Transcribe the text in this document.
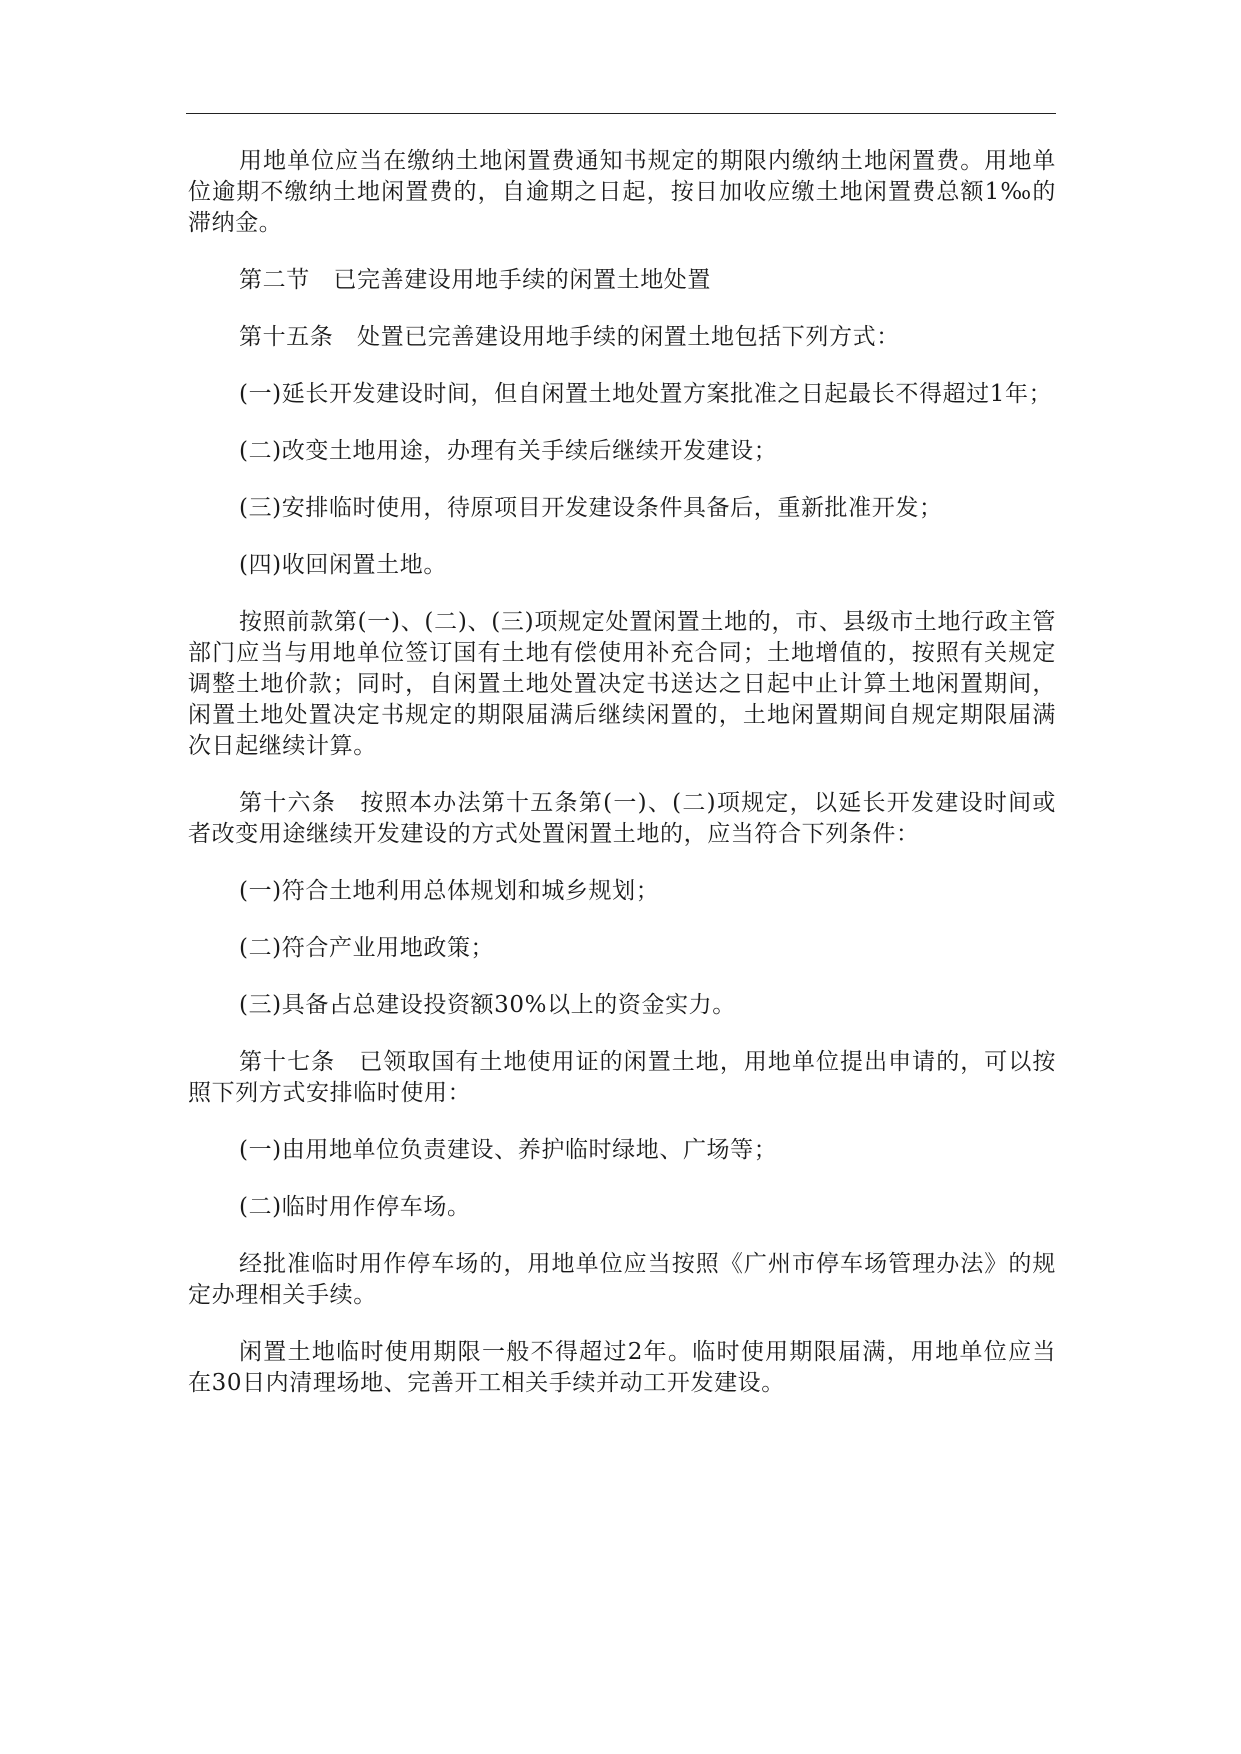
用地单位应当在缴纳土地闲置费通知书规定的期限内缴纳土地闲置费。用地单位逾期不缴纳土地闲置费的，自逾期之日起，按日加收应缴土地闲置费总额1‰的滞纳金。

第二节　已完善建设用地手续的闲置土地处置

第十五条　处置已完善建设用地手续的闲置土地包括下列方式：

(一)延长开发建设时间，但自闲置土地处置方案批准之日起最长不得超过1年；

(二)改变土地用途，办理有关手续后继续开发建设；

(三)安排临时使用，待原项目开发建设条件具备后，重新批准开发；

(四)收回闲置土地。

按照前款第(一)、(二)、(三)项规定处置闲置土地的，市、县级市土地行政主管部门应当与用地单位签订国有土地有偿使用补充合同；土地增值的，按照有关规定调整土地价款；同时，自闲置土地处置决定书送达之日起中止计算土地闲置期间，闲置土地处置决定书规定的期限届满后继续闲置的，土地闲置期间自规定期限届满次日起继续计算。

第十六条　按照本办法第十五条第(一)、(二)项规定，以延长开发建设时间或者改变用途继续开发建设的方式处置闲置土地的，应当符合下列条件：

(一)符合土地利用总体规划和城乡规划；

(二)符合产业用地政策；

(三)具备占总建设投资额30%以上的资金实力。

第十七条　已领取国有土地使用证的闲置土地，用地单位提出申请的，可以按照下列方式安排临时使用：

(一)由用地单位负责建设、养护临时绿地、广场等；

(二)临时用作停车场。

经批准临时用作停车场的，用地单位应当按照《广州市停车场管理办法》的规定办理相关手续。

闲置土地临时使用期限一般不得超过2年。临时使用期限届满，用地单位应当在30日内清理场地、完善开工相关手续并动工开发建设。
